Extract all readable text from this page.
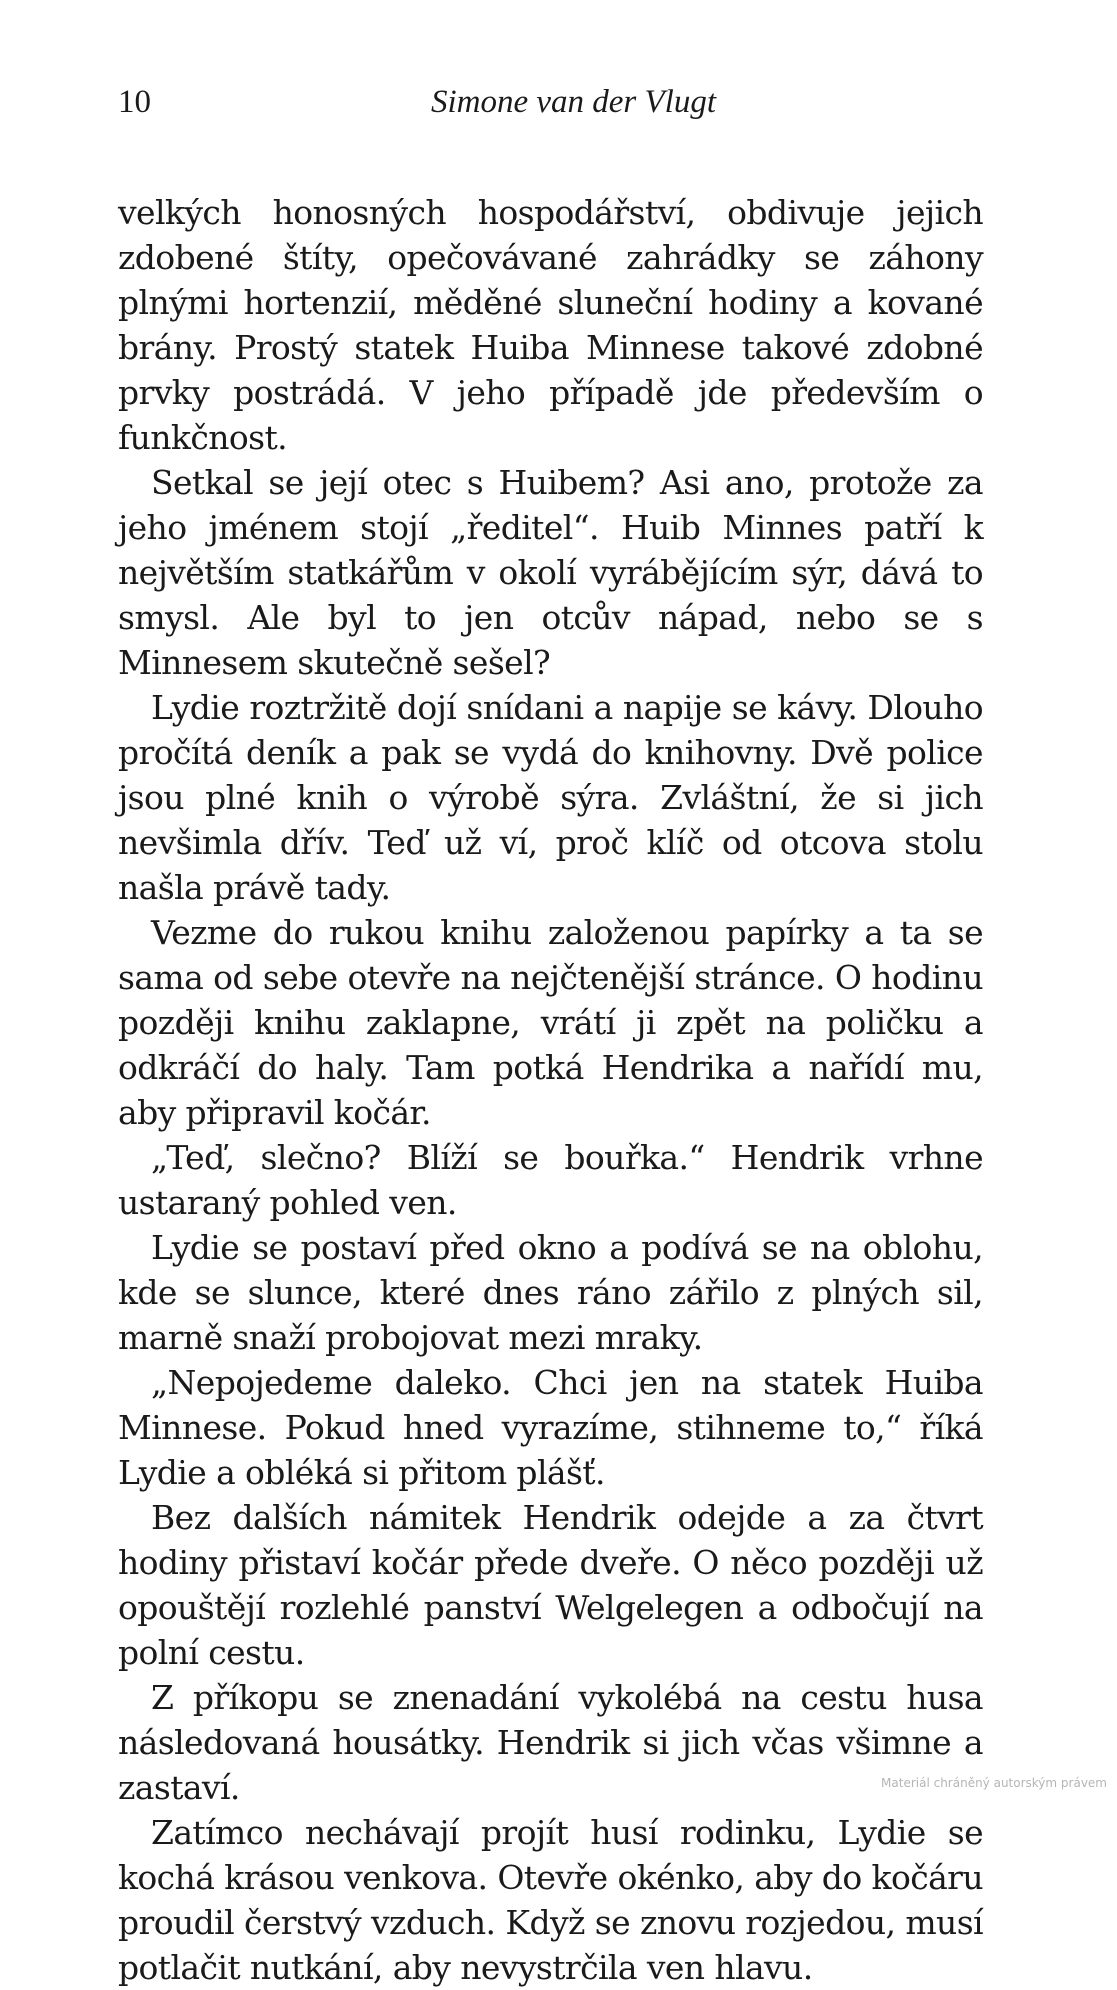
10	Simone van der Vlugt

velkých honosných hospodářství, obdivuje jejich zdobené štíty, opečovávané zahrádky se záhony plnými hortenzií, měděné sluneční hodiny a kované brány. Prostý statek Huiba Minnese takové zdobné prvky postrádá. V jeho případě jde především o funkčnost.

Setkal se její otec s Huibem? Asi ano, protože za jeho jménem stojí „ředitel“. Huib Minnes patří k největším statkářům v okolí vyrábějícím sýr, dává to smysl. Ale byl to jen otcův nápad, nebo se s Minnesem skutečně sešel?

Lydie roztržitě dojí snídani a napije se kávy. Dlouho pročítá deník a pak se vydá do knihovny. Dvě police jsou plné knih o výrobě sýra. Zvláštní, že si jich nevšimla dřív. Teď už ví, proč klíč od otcova stolu našla právě tady.

Vezme do rukou knihu založenou papírky a ta se sama od sebe otevře na nejčtenější stránce. O hodinu později knihu zaklapne, vrátí ji zpět na poličku a odkráčí do haly. Tam potká Hendrika a nařídí mu, aby připravil kočár.

„Teď, slečno? Blíží se bouřka.“ Hendrik vrhne ustaraný pohled ven.

Lydie se postaví před okno a podívá se na oblohu, kde se slunce, které dnes ráno zářilo z plných sil, marně snaží probojovat mezi mraky.

„Nepojedeme daleko. Chci jen na statek Huiba Minnese. Pokud hned vyrazíme, stihneme to,“ říká Lydie a obléká si přitom plášť.

Bez dalších námitek Hendrik odejde a za čtvrt hodiny přistaví kočár přede dveře. O něco později už opouštějí rozlehlé panství Welgelegen a odbočují na polní cestu.

Z příkopu se znenadání vykolébá na cestu husa následovaná housátky. Hendrik si jich včas všimne a zastaví.

Zatímco nechávají projít husí rodinku, Lydie se kochá krásou venkova. Otevře okénko, aby do kočáru proudil čerstvý vzduch. Když se znovu rozjedou, musí potlačit nutkání, aby nevystrčila ven hlavu.

Materiál chráněný autorským právem
